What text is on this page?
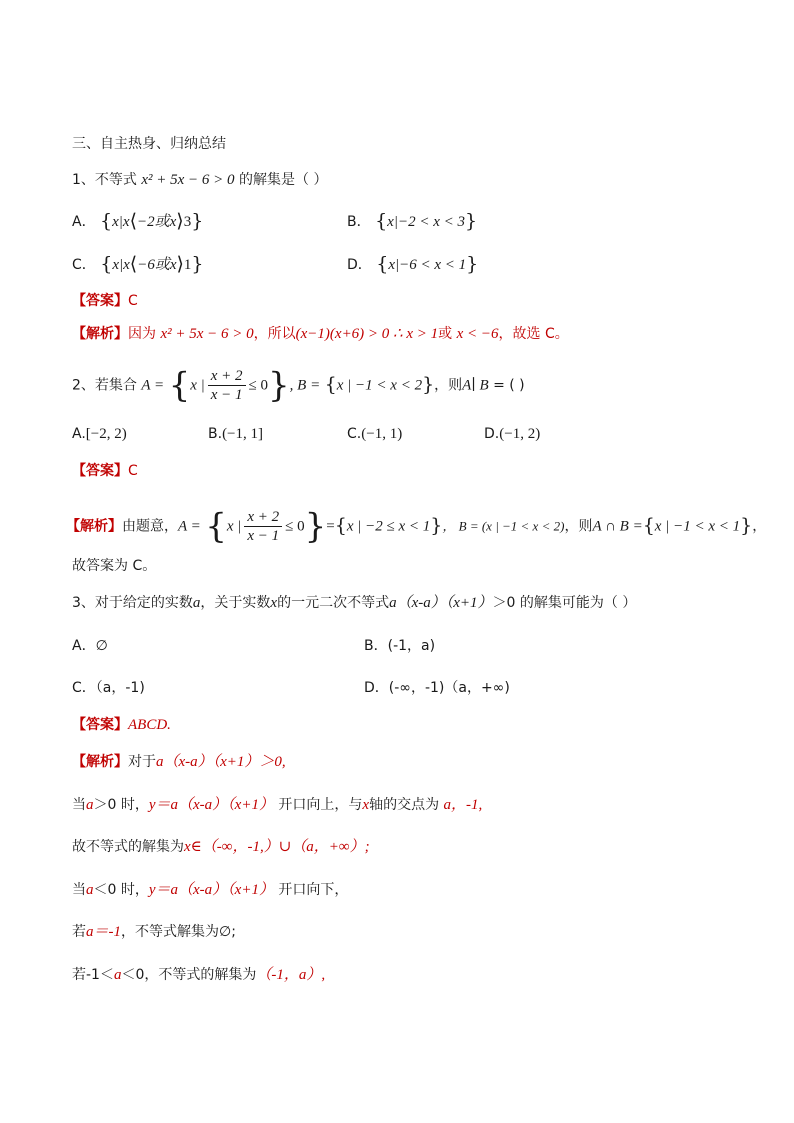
三、自主热身、归纳总结
1、不等式 x² + 5x − 6 > 0 的解集是（ ）
A． {x|x⟨−2或x⟩3}	B． {x|−2 < x < 3}
C． {x|x⟨−6或x⟩1}	D． {x|−6 < x < 1}
【答案】C
【解析】因为 x² + 5x − 6 > 0，所以(x−1)(x+6) > 0 ∴ x > 1或 x < −6，故选 C。
2、若集合 A = {x | $\frac{x + 2}{x - 1} \le 0$}, B = {x | −1 < x < 2}，则A∣ B = ( )
A.[−2, 2)	B.(−1, 1]	C.(−1, 1)	D.(−1, 2)
【答案】C
【解析】由题意，A = {x | $\frac{x + 2}{x - 1} \le 0\}=\{x$ | −2 ≤ x < 1}， B = (x | −1 < x < 2)，则A ∩ B ={x | −1 < x < 1}，
故答案为 C。
3、对于给定的实数a，关于实数x的一元二次不等式a（x-a）（x+1）＞0 的解集可能为（ ）
A．∅	B．(-1，a)
C．（a，-1)	D．(-∞，-1)（a，+∞)
【答案】ABCD.
【解析】对于a（x-a）（x+1）＞0,
当a＞0 时，y＝a（x-a）（x+1） 开口向上，与x轴的交点为 a，-1,
故不等式的解集为x∈（-∞，-1,）∪（a，+∞）;
当a＜0 时，y＝a（x-a）（x+1） 开口向下，
若a＝-1，不等式解集为∅;
若-1＜a＜0，不等式的解集为（-1，a）,
